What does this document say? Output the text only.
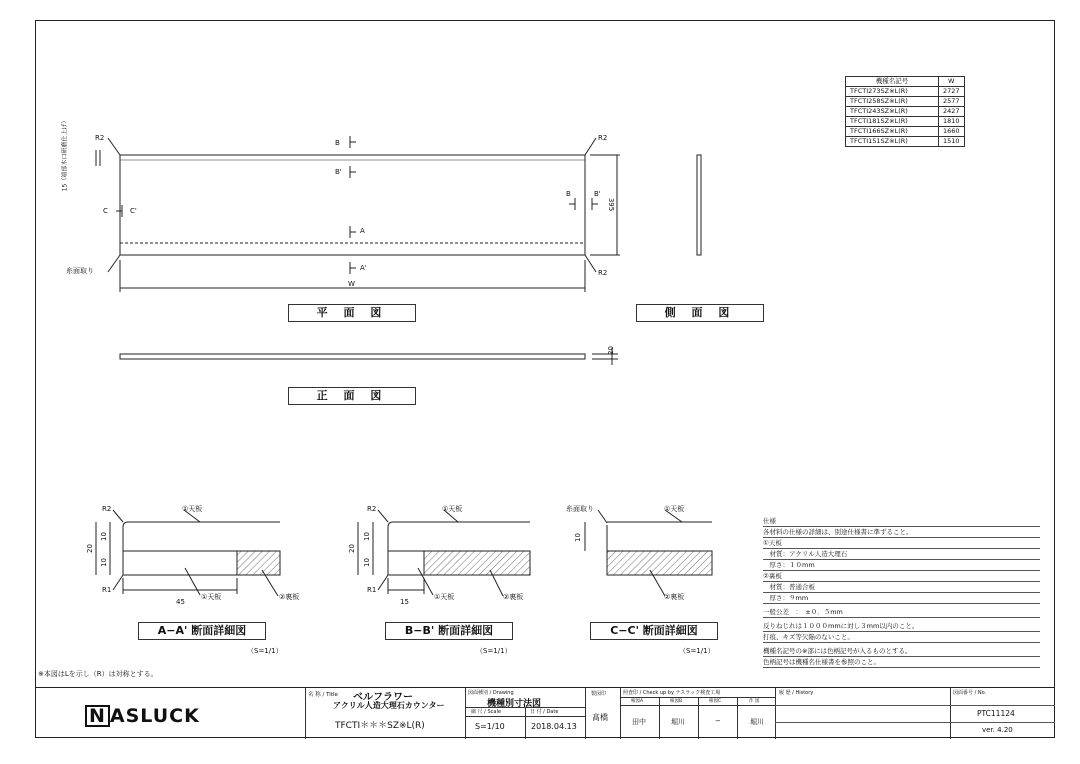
R2	R2
R2
糸面取り
B
B'
A
A'
C	C'
B	B'
W
395
15（端部木口研磨仕上げ）
20
平 面 図	側 面 図
正 面 図
機種名記号	W
TFCTI273SZ※L(R)	2727
TFCTI258SZ※L(R)	2577
TFCTI243SZ※L(R)	2427
TFCTI181SZ※L(R)	1810
TFCTI166SZ※L(R)	1660
TFCTI151SZ※L(R)	1510
R2
R1
①天板
①天板	②裏板
20
10
10
45
A−A' 断面詳細図
（S=1/1）
R2
R1
①天板
①天板	②裏板
20
10
10
15
B−B' 断面詳細図
（S=1/1）
糸面取り	①天板
②裏板
10
C−C' 断面詳細図
（S=1/1）
※本図はLを示し（R）は対称とする。
仕様
各材料の仕様の詳細は、別途仕様書に準ずること。
①天板
　材質：アクリル人造大理石
　厚さ：１０mm
②裏板
　材質：普通合板
　厚さ：９mm
一般公差　：　±０．５mm
反りねじれは１０００mmに対し３mm以内のこと。
打痕、キズ等欠陥のないこと。
機種名記号の※部には色柄記号が入るものとする。
色柄記号は機種名仕様書を参照のこと。
名 称 / Title ベルフラワー
アクリル人造大理石カウンター
TFCTI＊＊＊SZ※L(R)
図面種別 / Drawing
機種別寸法図
縮 尺 / Scale	日 付 / Date
S=1/10	2018.04.13
製図印
髙橋
照査印 / Check up by ナスラック検査工場
検図A	検図B	検図C	作 図
田中	堀川	−	堀川
履 歴 / History	図面番号 / No.
PTC11124
ver. 4.20
N ASLUCK
